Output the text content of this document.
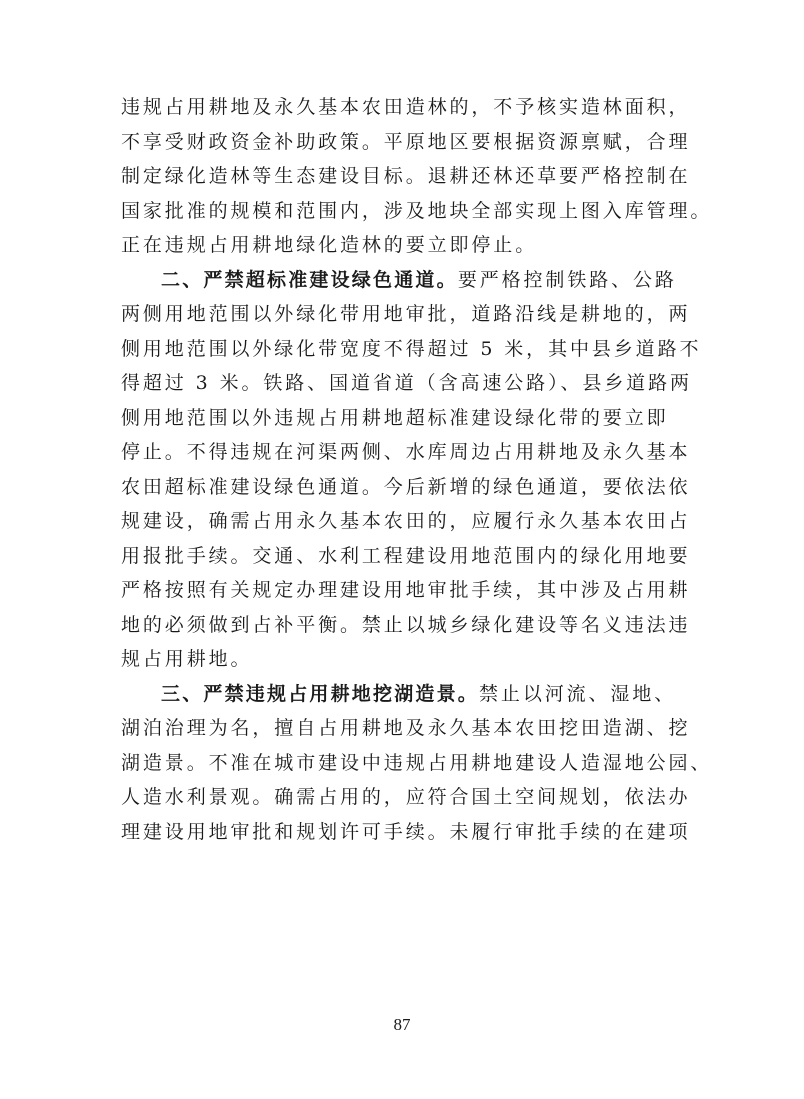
违规占用耕地及永久基本农田造林的，不予核实造林面积，
不享受财政资金补助政策。平原地区要根据资源禀赋，合理
制定绿化造林等生态建设目标。退耕还林还草要严格控制在
国家批准的规模和范围内，涉及地块全部实现上图入库管理。
正在违规占用耕地绿化造林的要立即停止。
二、严禁超标准建设绿色通道。要严格控制铁路、公路
两侧用地范围以外绿化带用地审批，道路沿线是耕地的，两
侧用地范围以外绿化带宽度不得超过 5 米，其中县乡道路不
得超过 3 米。铁路、国道省道（含高速公路）、县乡道路两
侧用地范围以外违规占用耕地超标准建设绿化带的要立即
停止。不得违规在河渠两侧、水库周边占用耕地及永久基本
农田超标准建设绿色通道。今后新增的绿色通道，要依法依
规建设，确需占用永久基本农田的，应履行永久基本农田占
用报批手续。交通、水利工程建设用地范围内的绿化用地要
严格按照有关规定办理建设用地审批手续，其中涉及占用耕
地的必须做到占补平衡。禁止以城乡绿化建设等名义违法违
规占用耕地。
三、严禁违规占用耕地挖湖造景。禁止以河流、湿地、
湖泊治理为名，擅自占用耕地及永久基本农田挖田造湖、挖
湖造景。不准在城市建设中违规占用耕地建设人造湿地公园、
人造水利景观。确需占用的，应符合国土空间规划，依法办
理建设用地审批和规划许可手续。未履行审批手续的在建项
87
